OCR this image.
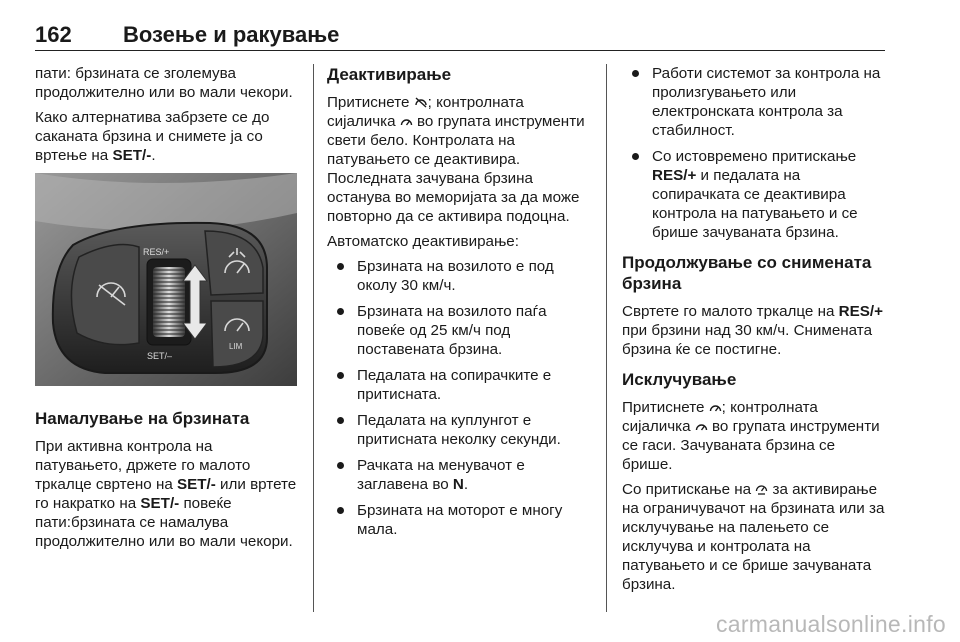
162 Возење и ракување

пати: брзината се зголемува продолжително или во мали чекори.

Како алтернатива забрзете се до сакaната брзина и снимете ја со вртење на SET/-.

RES/+
SET/–
LIM
Намалување на брзината

При активна контрола на патувањето, држете го малото тркалце свртено на SET/- или вртете го накратко на SET/- повеќе пати:брзината се намалува продолжително или во мали чекори.

Деактивирање

Притиснете ; контролната сијаличка  во групата инструменти свети бело. Контролата на патувањето се деактивира. Последната зачувана брзина останува во меморијата за да може повторно да се активира подоцна.

Автоматско деактивирање:

Брзината на возилото е под околу 30 км/ч.
Брзината на возилото паѓа повеќе од 25 км/ч под поставената брзина.
Педалата на сопирачките е притисната.
Педалата на куплунгот е притисната неколку секунди.
Рачката на менувачот е заглавена во N.
Брзината на моторот е многу мала.
Работи системот за контрола на пролизгувањето или електронската контрола за стабилност.
Со истовремено притискање RES/+ и педалата на сопирачката се деактивира контрола на патувањето и се брише зачуваната брзина.
Продолжување со снимената брзина

Свртете го малото тркалце на RES/+ при брзини над 30 км/ч. Снимената брзина ќе се постигне.

Исклучување

Притиснете ; контролната сијаличка  во групата инструменти се гаси. Зачуваната брзина се брише.

Со притискање на  за активирање на ограничувачот на брзината или за исклучување на палењето се исклучува и контролата на патувањето и се брише зачуваната брзина.

carmanualsonline.info
